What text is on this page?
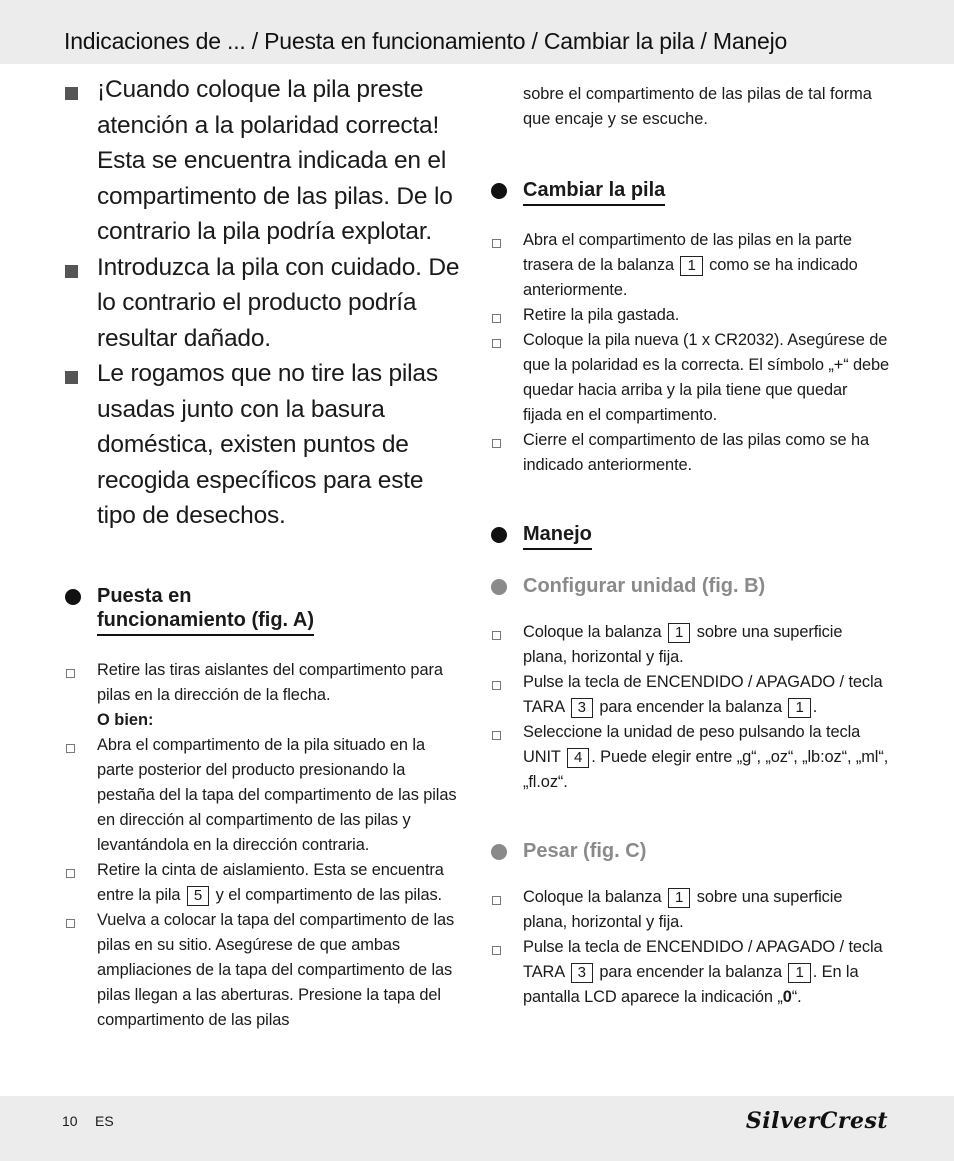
Indicaciones de ... / Puesta en funcionamiento / Cambiar la pila / Manejo
¡Cuando coloque la pila preste atención a la polaridad correcta! Esta se encuentra indicada en el compartimento de las pilas. De lo contrario la pila podría explotar.
Introduzca la pila con cuidado. De lo contrario el producto podría resultar dañado.
Le rogamos que no tire las pilas usadas junto con la basura doméstica, existen puntos de recogida específicos para este tipo de desechos.
Puesta en
funcionamiento (fig. A)
Retire las tiras aislantes del compartimento para pilas en la dirección de la flecha.
O bien:
Abra el compartimento de la pila situado en la parte posterior del producto presionando la pestaña del la tapa del compartimento de las pilas en dirección al compartimento de las pilas y levantándola en la dirección contraria.
Retire la cinta de aislamiento. Esta se encuentra entre la pila 5 y el compartimento de las pilas.
Vuelva a colocar la tapa del compartimento de las pilas en su sitio. Asegúrese de que ambas ampliaciones de la tapa del compartimento de las pilas llegan a las aberturas. Presione la tapa del compartimento de las pilas
sobre el compartimento de las pilas de tal forma que encaje y se escuche.
Cambiar la pila
Abra el compartimento de las pilas en la parte trasera de la balanza 1 como se ha indicado anteriormente.
Retire la pila gastada.
Coloque la pila nueva (1 x CR2032). Asegúrese de que la polaridad es la correcta. El símbolo „+“ debe quedar hacia arriba y la pila tiene que quedar fijada en el compartimento.
Cierre el compartimento de las pilas como se ha indicado anteriormente.
Manejo
Configurar unidad (fig. B)
Coloque la balanza 1 sobre una superficie plana, horizontal y fija.
Pulse la tecla de ENCENDIDO / APAGADO / tecla TARA 3 para encender la balanza 1 .
Seleccione la unidad de peso pulsando la tecla UNIT 4 . Puede elegir entre „g“, „oz“, „lb:oz“, „ml“, „fl.oz“.
Pesar (fig. C)
Coloque la balanza 1 sobre una superficie plana, horizontal y fija.
Pulse la tecla de ENCENDIDO / APAGADO / tecla TARA 3 para encender la balanza 1 . En la pantalla LCD aparece la indicación „0“.
10 ES	SilverCrest
